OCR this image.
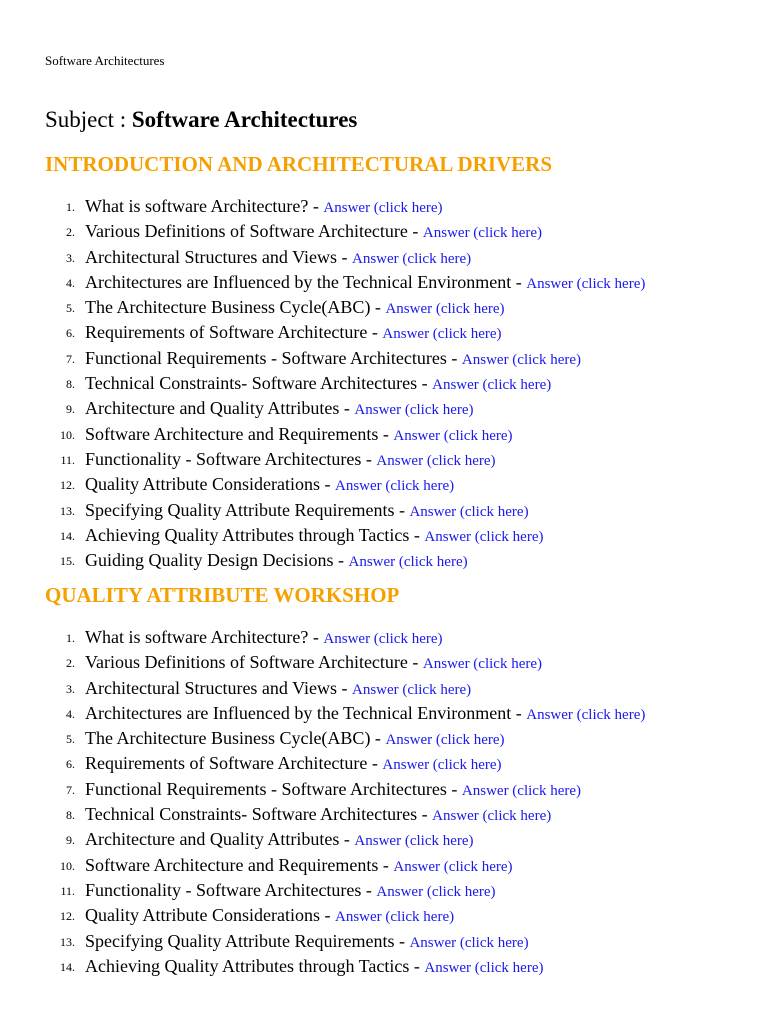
Software Architectures

Subject : Software Architectures
INTRODUCTION AND ARCHITECTURAL DRIVERS
1. What is software Architecture? - Answer (click here)
2. Various Definitions of Software Architecture - Answer (click here)
3. Architectural Structures and Views - Answer (click here)
4. Architectures are Influenced by the Technical Environment - Answer (click here)
5. The Architecture Business Cycle(ABC) - Answer (click here)
6. Requirements of Software Architecture - Answer (click here)
7. Functional Requirements - Software Architectures - Answer (click here)
8. Technical Constraints- Software Architectures - Answer (click here)
9. Architecture and Quality Attributes - Answer (click here)
10. Software Architecture and Requirements - Answer (click here)
11. Functionality - Software Architectures - Answer (click here)
12. Quality Attribute Considerations - Answer (click here)
13. Specifying Quality Attribute Requirements - Answer (click here)
14. Achieving Quality Attributes through Tactics - Answer (click here)
15. Guiding Quality Design Decisions - Answer (click here)
QUALITY ATTRIBUTE WORKSHOP
1. What is software Architecture? - Answer (click here)
2. Various Definitions of Software Architecture - Answer (click here)
3. Architectural Structures and Views - Answer (click here)
4. Architectures are Influenced by the Technical Environment - Answer (click here)
5. The Architecture Business Cycle(ABC) - Answer (click here)
6. Requirements of Software Architecture - Answer (click here)
7. Functional Requirements - Software Architectures - Answer (click here)
8. Technical Constraints- Software Architectures - Answer (click here)
9. Architecture and Quality Attributes - Answer (click here)
10. Software Architecture and Requirements - Answer (click here)
11. Functionality - Software Architectures - Answer (click here)
12. Quality Attribute Considerations - Answer (click here)
13. Specifying Quality Attribute Requirements - Answer (click here)
14. Achieving Quality Attributes through Tactics - Answer (click here)
